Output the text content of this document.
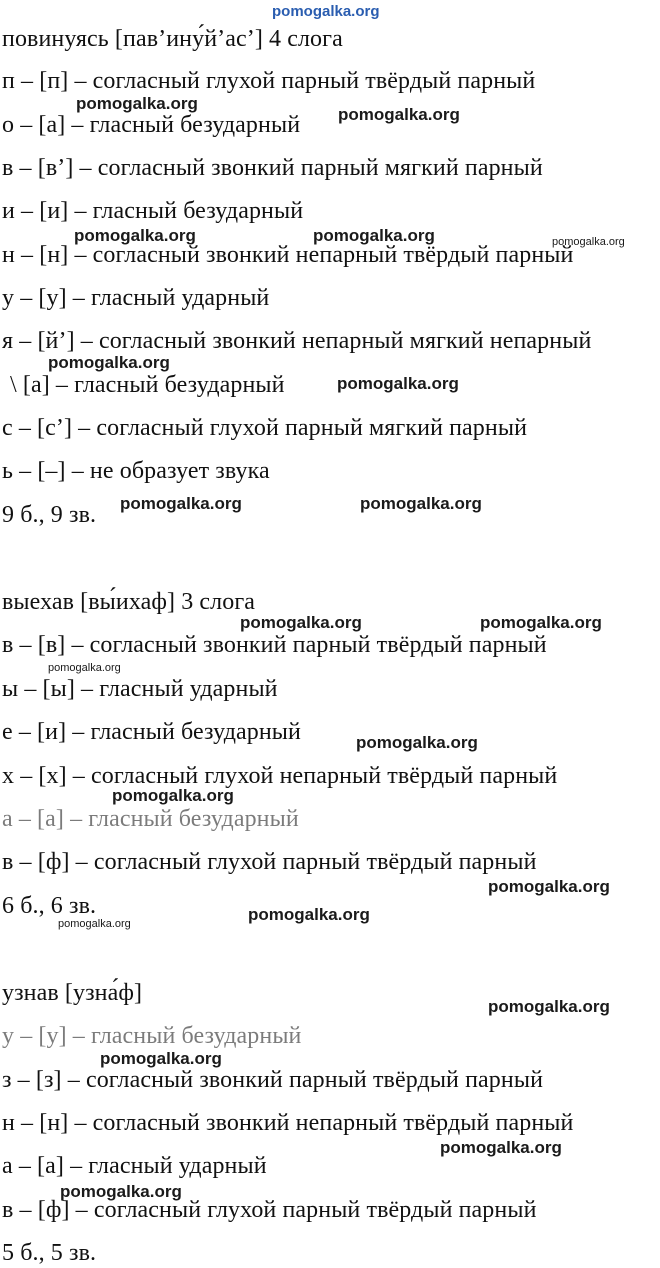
pomogalka.org
повинуясь [пав’ину́й’ас’] 4 слога
п – [п] – согласный глухой парный твёрдый парный
о – [а] – гласный безударный
в – [в’] – согласный звонкий парный мягкий парный
и – [и] – гласный безударный
н – [н] – согласный звонкий непарный твёрдый парный
у – [у] – гласный ударный
я – [й’] – согласный звонкий непарный мягкий непарный
\ [а] – гласный безударный
с – [с’] – согласный глухой парный мягкий парный
ь – [–] – не образует звука
9 б., 9 зв.
выехав [вы́ихаф] 3 слога
в – [в] – согласный звонкий парный твёрдый парный
ы – [ы] – гласный ударный
е – [и] – гласный безударный
х – [х] – согласный глухой непарный твёрдый парный
а – [а] – гласный безударный
в – [ф] – согласный глухой парный твёрдый парный
6 б., 6 зв.
узнав [узна́ф]
у – [у] – гласный безударный
з – [з] – согласный звонкий парный твёрдый парный
н – [н] – согласный звонкий непарный твёрдый парный
а – [а] – гласный ударный
в – [ф] – согласный глухой парный твёрдый парный
5 б., 5 зв.
pomogalka.org
pomogalka.org
pomogalka.org	pomogalka.org	pomogalka.org
pomogalka.org
pomogalka.org
pomogalka.org	pomogalka.org
pomogalka.org	pomogalka.org
pomogalka.org
pomogalka.org
pomogalka.org
pomogalka.org
pomogalka.org
pomogalka.org
pomogalka.org
pomogalka.org
pomogalka.org
pomogalka.org
